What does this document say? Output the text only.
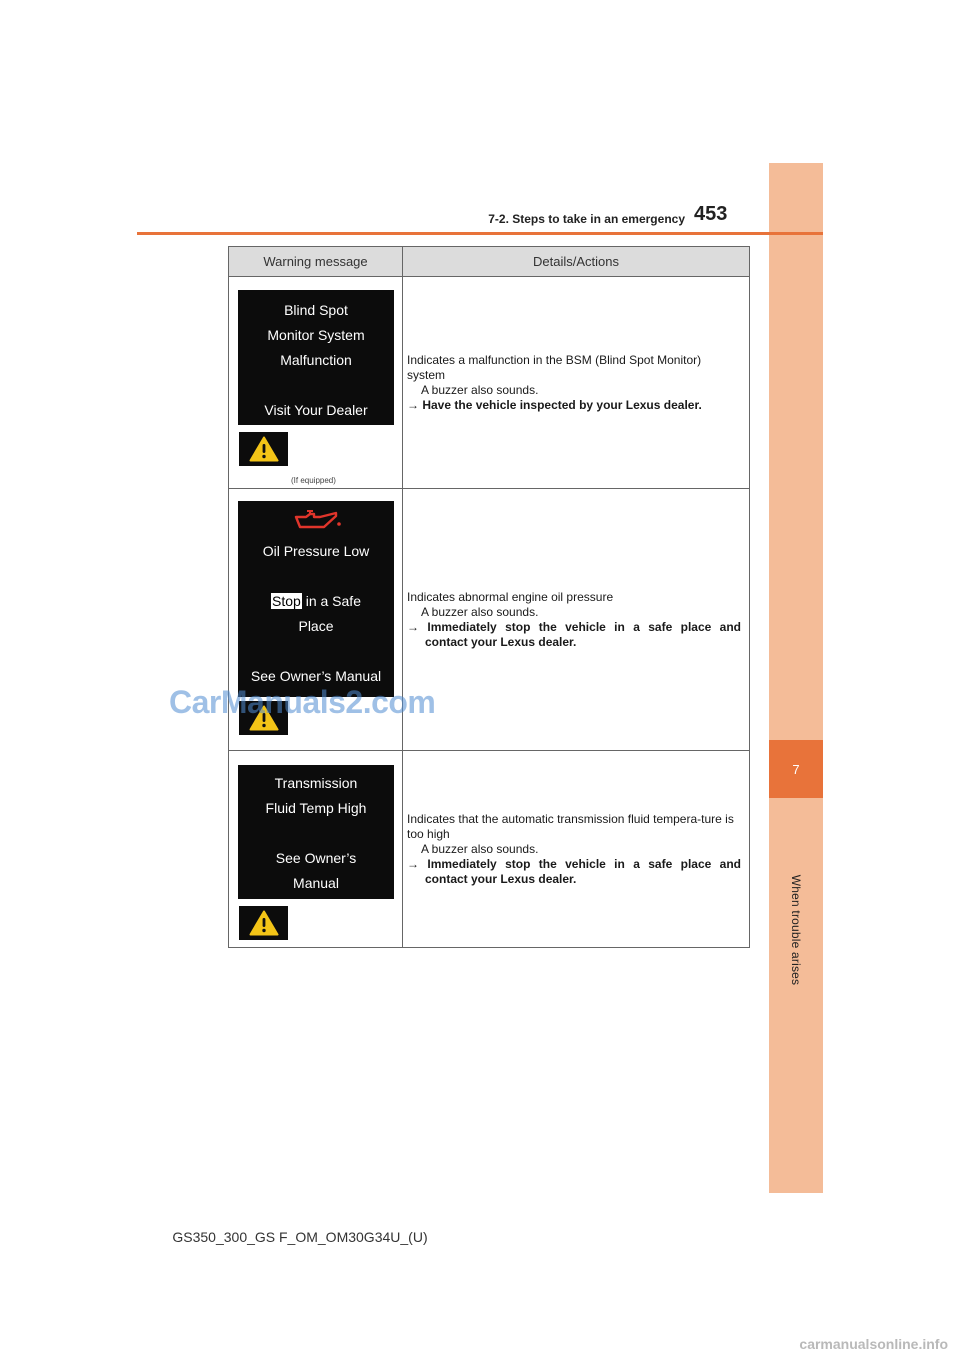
7
When trouble arises
7-2. Steps to take in an emergency 453
Warning message	Details/Actions
Blind Spot
Monitor System
Malfunction
Visit Your Dealer
(If equipped)
Indicates a malfunction in the BSM (Blind Spot Monitor) system
A buzzer also sounds.
→ Have the vehicle inspected by your Lexus dealer.
Oil Pressure Low
Stop in a Safe
Place
See Owner’s Manual
Indicates abnormal engine oil pressure
A buzzer also sounds.
→ Immediately stop the vehicle in a safe place and contact your Lexus dealer.
Transmission
Fluid Temp High
See Owner’s
Manual
Indicates that the automatic transmission fluid tempera-ture is too high
A buzzer also sounds.
→ Immediately stop the vehicle in a safe place and contact your Lexus dealer.
CarManuals2.com
GS350_300_GS F_OM_OM30G34U_(U)
carmanualsonline.info
